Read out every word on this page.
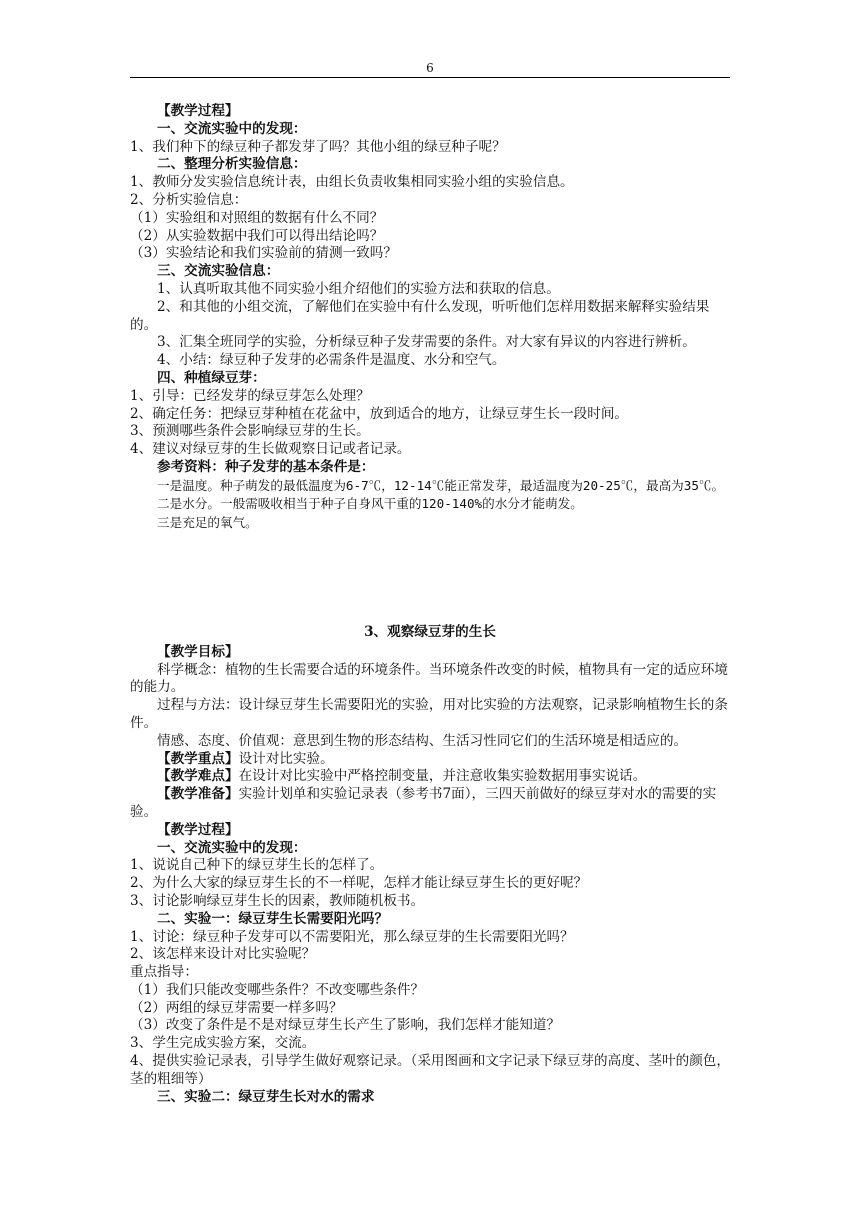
6

【教学过程】

一、交流实验中的发现：

1、我们种下的绿豆种子都发芽了吗？其他小组的绿豆种子呢？

二、整理分析实验信息：

1、教师分发实验信息统计表，由组长负责收集相同实验小组的实验信息。

2、分析实验信息：

（1）实验组和对照组的数据有什么不同？

（2）从实验数据中我们可以得出结论吗？

（3）实验结论和我们实验前的猜测一致吗？

三、交流实验信息：

1、认真听取其他不同实验小组介绍他们的实验方法和获取的信息。

2、和其他的小组交流，了解他们在实验中有什么发现，听听他们怎样用数据来解释实验结果的。

3、汇集全班同学的实验，分析绿豆种子发芽需要的条件。对大家有异议的内容进行辨析。

4、小结：绿豆种子发芽的必需条件是温度、水分和空气。

四、种植绿豆芽：

1、引导：已经发芽的绿豆芽怎么处理？

2、确定任务：把绿豆芽种植在花盆中，放到适合的地方，让绿豆芽生长一段时间。

3、预测哪些条件会影响绿豆芽的生长。

4、建议对绿豆芽的生长做观察日记或者记录。

参考资料：种子发芽的基本条件是：

一是温度。种子萌发的最低温度为6-7℃，12-14℃能正常发芽，最适温度为20-25℃，最高为35℃。

二是水分。一般需吸收相当于种子自身风干重的120-140%的水分才能萌发。

三是充足的氧气。

3、观察绿豆芽的生长

【教学目标】

科学概念：植物的生长需要合适的环境条件。当环境条件改变的时候，植物具有一定的适应环境的能力。

过程与方法：设计绿豆芽生长需要阳光的实验，用对比实验的方法观察，记录影响植物生长的条件。

情感、态度、价值观：意思到生物的形态结构、生活习性同它们的生活环境是相适应的。

【教学重点】设计对比实验。

【教学难点】在设计对比实验中严格控制变量，并注意收集实验数据用事实说话。

【教学准备】实验计划单和实验记录表（参考书7面），三四天前做好的绿豆芽对水的需要的实验。

【教学过程】

一、交流实验中的发现：

1、说说自己种下的绿豆芽生长的怎样了。

2、为什么大家的绿豆芽生长的不一样呢，怎样才能让绿豆芽生长的更好呢？

3、讨论影响绿豆芽生长的因素，教师随机板书。

二、实验一：绿豆芽生长需要阳光吗？

1、讨论：绿豆种子发芽可以不需要阳光，那么绿豆芽的生长需要阳光吗？

2、该怎样来设计对比实验呢？

重点指导：

（1）我们只能改变哪些条件？不改变哪些条件？

（2）两组的绿豆芽需要一样多吗？

（3）改变了条件是不是对绿豆芽生长产生了影响，我们怎样才能知道？

3、学生完成实验方案，交流。

4、提供实验记录表，引导学生做好观察记录。（采用图画和文字记录下绿豆芽的高度、茎叶的颜色，茎的粗细等）

三、实验二：绿豆芽生长对水的需求
